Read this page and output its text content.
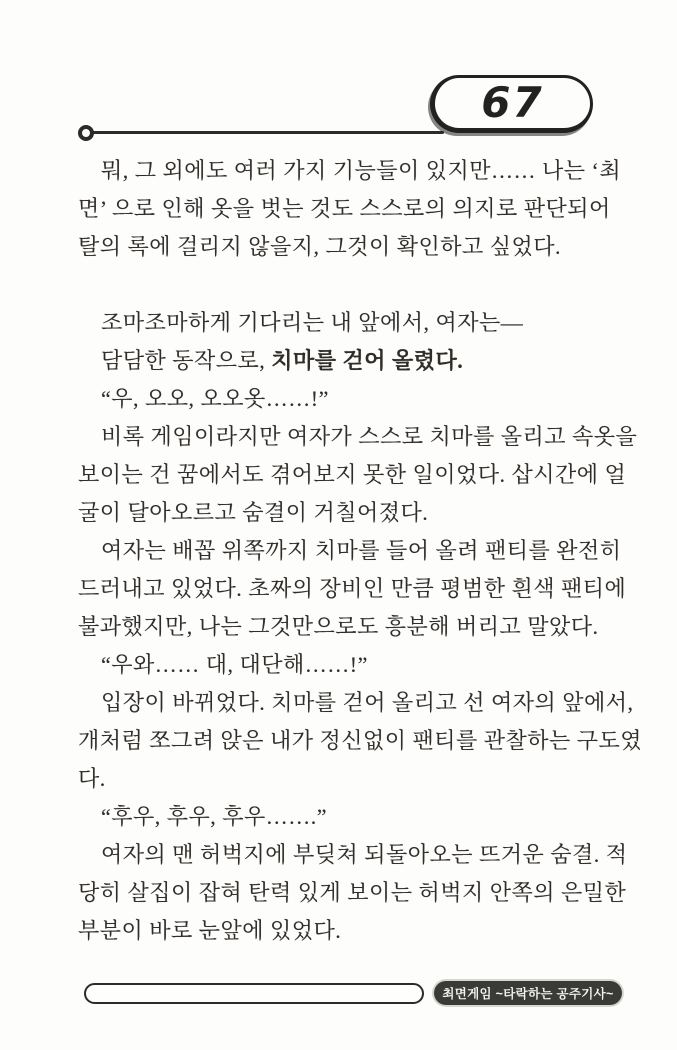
67
뭐, 그 외에도 여러 가지 기능들이 있지만…… 나는 ‘최
면’ 으로 인해 옷을 벗는 것도 스스로의 의지로 판단되어
탈의 록에 걸리지 않을지, 그것이 확인하고 싶었다.

조마조마하게 기다리는 내 앞에서, 여자는—
담담한 동작으로, 치마를 걷어 올렸다.
“우, 오오, 오오옷……!”
비록 게임이라지만 여자가 스스로 치마를 올리고 속옷을
보이는 건 꿈에서도 겪어보지 못한 일이었다. 삽시간에 얼
굴이 달아오르고 숨결이 거칠어졌다.
여자는 배꼽 위쪽까지 치마를 들어 올려 팬티를 완전히
드러내고 있었다. 초짜의 장비인 만큼 평범한 흰색 팬티에
불과했지만, 나는 그것만으로도 흥분해 버리고 말았다.
“우와…… 대, 대단해……!”
입장이 바뀌었다. 치마를 걷어 올리고 선 여자의 앞에서,
개처럼 쪼그려 앉은 내가 정신없이 팬티를 관찰하는 구도였
다.
“후우, 후우, 후우…….”
여자의 맨 허벅지에 부딪쳐 되돌아오는 뜨거운 숨결. 적
당히 살집이 잡혀 탄력 있게 보이는 허벅지 안쪽의 은밀한
부분이 바로 눈앞에 있었다.
최면게임 ~타락하는 공주기사~
